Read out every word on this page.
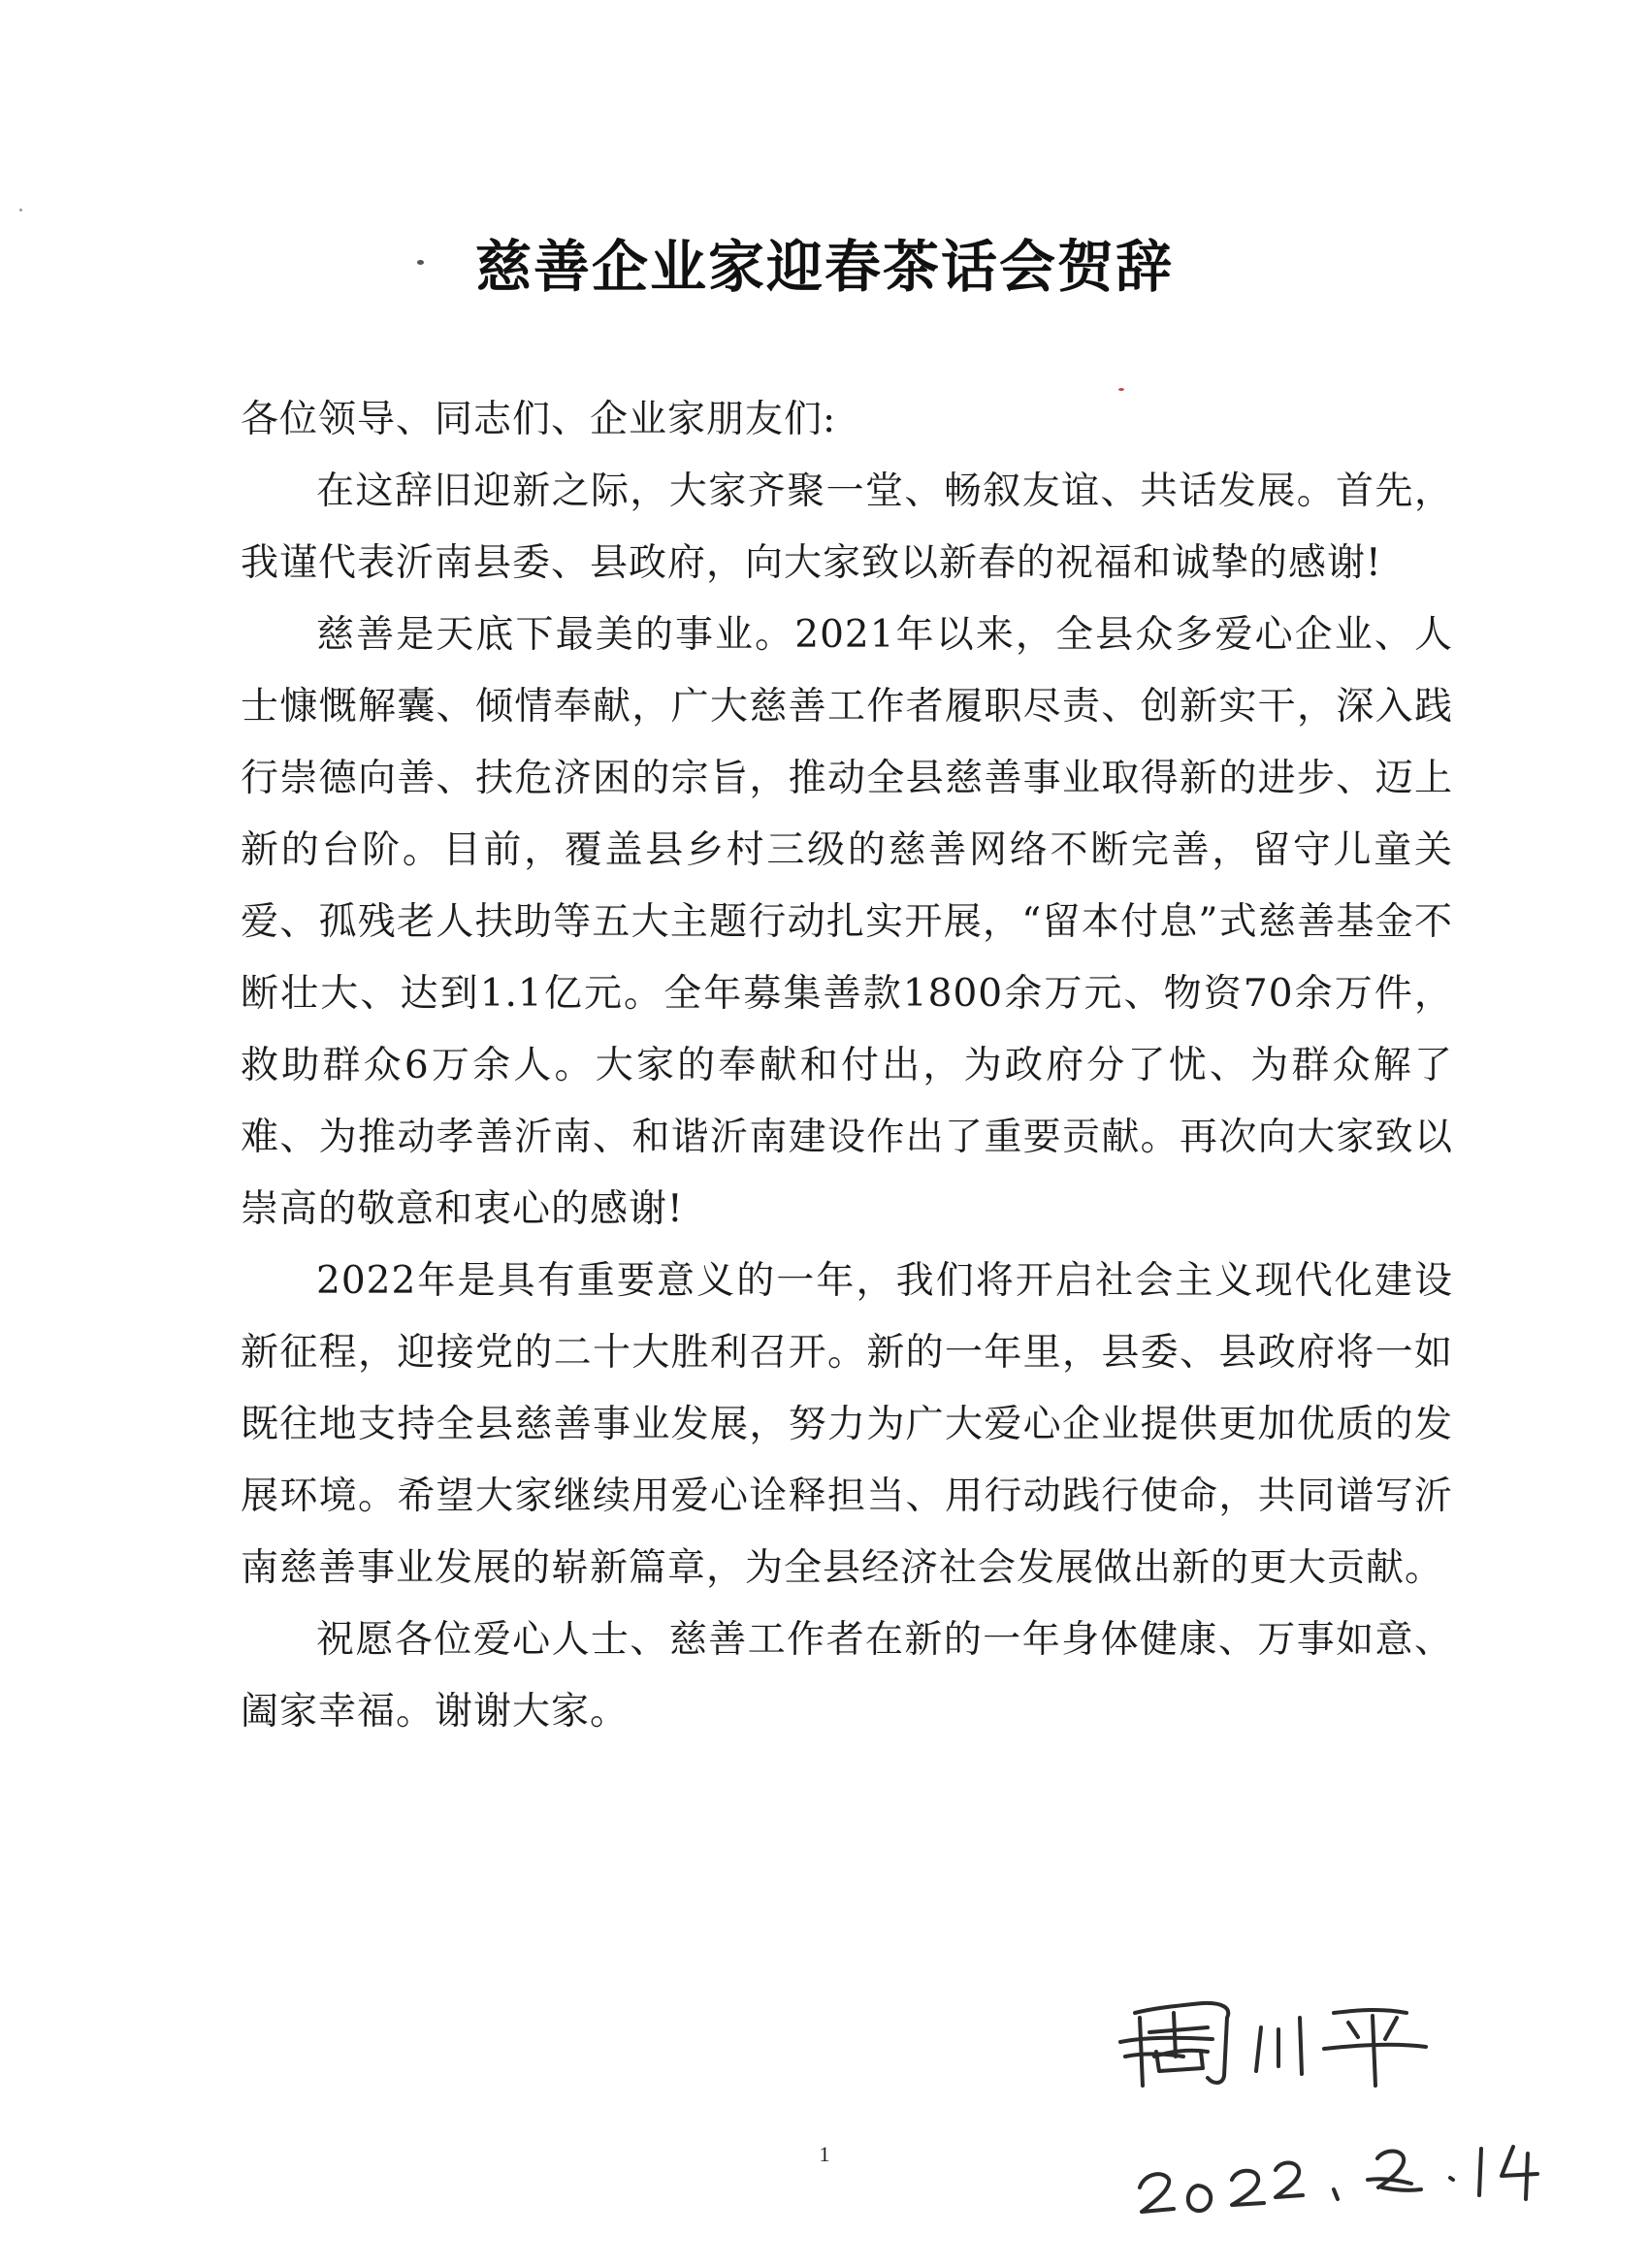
慈善企业家迎春茶话会贺辞

各位领导、同志们、企业家朋友们:

在这辞旧迎新之际，大家齐聚一堂、畅叙友谊、共话发展。首先，我谨代表沂南县委、县政府，向大家致以新春的祝福和诚挚的感谢!

慈善是天底下最美的事业。2021年以来，全县众多爱心企业、人士慷慨解囊、倾情奉献，广大慈善工作者履职尽责、创新实干，深入践行崇德向善、扶危济困的宗旨，推动全县慈善事业取得新的进步、迈上新的台阶。目前，覆盖县乡村三级的慈善网络不断完善，留守儿童关爱、孤残老人扶助等五大主题行动扎实开展，“留本付息”式慈善基金不断壮大、达到1.1亿元。全年募集善款1800余万元、物资70余万件，救助群众6万余人。大家的奉献和付出，为政府分了忧、为群众解了难、为推动孝善沂南、和谐沂南建设作出了重要贡献。再次向大家致以崇高的敬意和衷心的感谢!

2022年是具有重要意义的一年，我们将开启社会主义现代化建设新征程，迎接党的二十大胜利召开。新的一年里，县委、县政府将一如既往地支持全县慈善事业发展，努力为广大爱心企业提供更加优质的发展环境。希望大家继续用爱心诠释担当、用行动践行使命，共同谱写沂南慈善事业发展的崭新篇章，为全县经济社会发展做出新的更大贡献。

祝愿各位爱心人士、慈善工作者在新的一年身体健康、万事如意、阖家幸福。谢谢大家。

1
